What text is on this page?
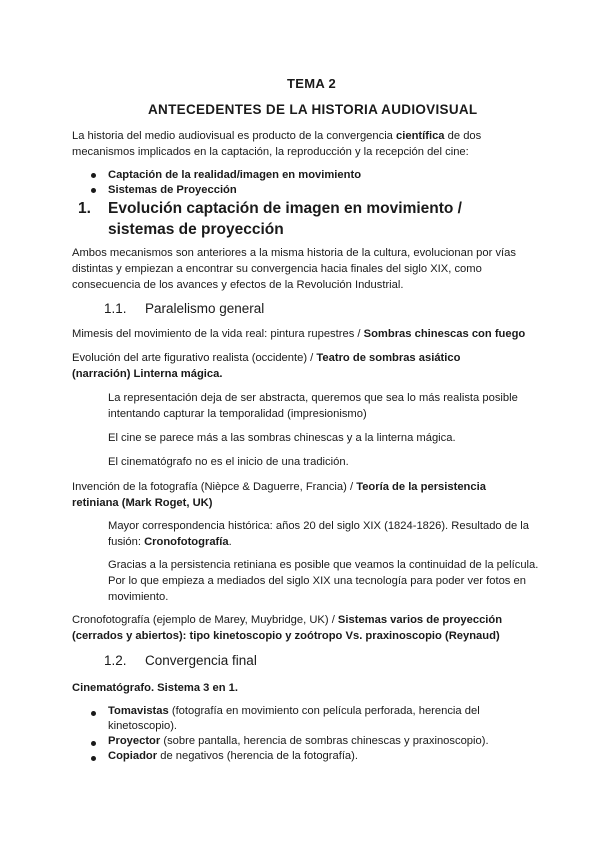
TEMA 2
ANTECEDENTES DE LA HISTORIA AUDIOVISUAL

La historia del medio audiovisual es producto de la convergencia científica de dos mecanismos implicados en la captación, la reproducción y la recepción del cine:

Captación de la realidad/imagen en movimiento
Sistemas de Proyección
1. Evolución captación de imagen en movimiento / sistemas de proyección

Ambos mecanismos son anteriores a la misma historia de la cultura, evolucionan por vías distintas y empiezan a encontrar su convergencia hacia finales del siglo XIX, como consecuencia de los avances y efectos de la Revolución Industrial.

1.1. Paralelismo general

Mimesis del movimiento de la vida real: pintura rupestres / Sombras chinescas con fuego

Evolución del arte figurativo realista (occidente) / Teatro de sombras asiático (narración) Linterna mágica.

La representación deja de ser abstracta, queremos que sea lo más realista posible intentando capturar la temporalidad (impresionismo)

El cine se parece más a las sombras chinescas y a la linterna mágica.

El cinematógrafo no es el inicio de una tradición.

Invención de la fotografía (Nièpce & Daguerre, Francia) / Teoría de la persistencia retiniana (Mark Roget, UK)

Mayor correspondencia histórica: años 20 del siglo XIX (1824-1826). Resultado de la fusión: Cronofotografía.

Gracias a la persistencia retiniana es posible que veamos la continuidad de la película. Por lo que empieza a mediados del siglo XIX una tecnología para poder ver fotos en movimiento.

Cronofotografía (ejemplo de Marey, Muybridge, UK) / Sistemas varios de proyección (cerrados y abiertos): tipo kinetoscopio y zoótropo Vs. praxinoscopio (Reynaud)

1.2. Convergencia final
Cinematógrafo. Sistema 3 en 1.

Tomavistas (fotografía en movimiento con película perforada, herencia del kinetoscopio).

Proyector (sobre pantalla, herencia de sombras chinescas y praxinoscopio).

Copiador de negativos (herencia de la fotografía).
